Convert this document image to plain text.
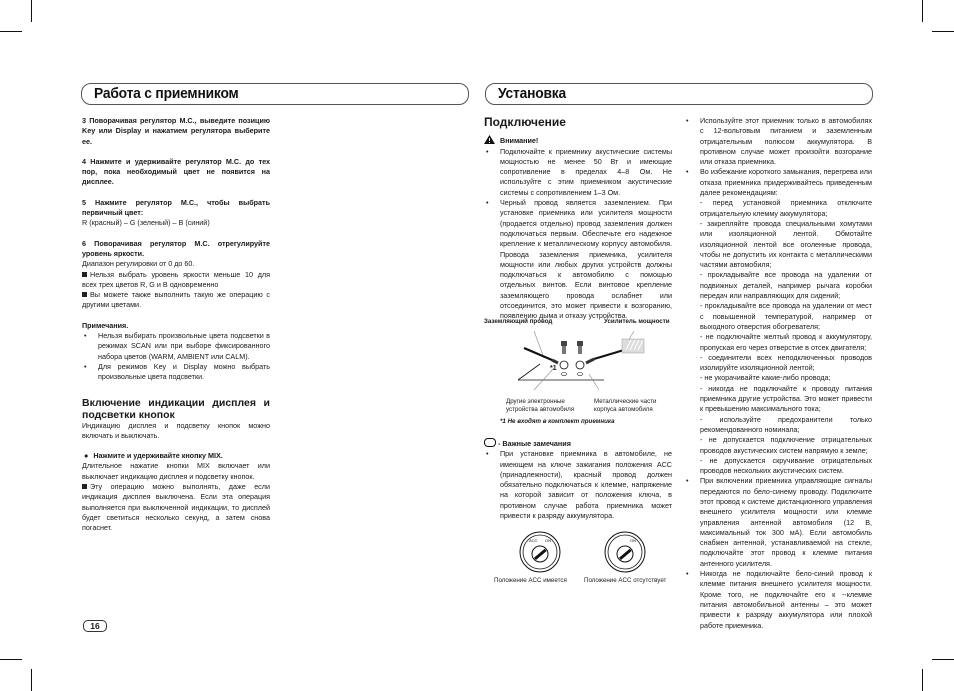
Работа с приемником

3 Поворачивая регулятор M.C., выведите позицию Key или Display и нажатием регулятора выберите ее.

4 Нажмите и удерживайте регулятор M.C. до тех пор, пока необходимый цвет не появится на дисплее.

5 Нажмите регулятор M.C., чтобы выбрать первичный цвет:

R (красный) – G (зеленый) – B (синий)

6 Поворачивая регулятор M.C. отрегулируйте уровень яркости.

Диапазон регулировки от 0 до 60.

Нельзя выбрать уровень яркости меньше 10 для всех трех цветов R, G и B одновременно

Вы можете также выполнить такую же операцию с другими цветами.

Примечания.

• Нельзя выбирать произвольные цвета подсветки в режимах SCAN или при выборе фиксированного набора цветов (WARM, AMBIENT или CALM).
• Для режимов Key и Display можно выбрать произвольные цвета подсветки.

Включение индикации дисплея и подсветки кнопок

Индикацию дисплея и подсветку кнопок можно включать и выключать.

● Нажмите и удерживайте кнопку MIX.

Длительное нажатие кнопки MIX включает или выключает индикацию дисплея и подсветку кнопок.

Эту операцию можно выполнять, даже если индикация дисплея выключена. Если эта операция выполняется при выключенной индикации, то дисплей будет светиться несколько секунд, а затем снова погаснет.

16
Установка

Подключение

Внимание!

• Подключайте к приемнику акустические системы мощностью не менее 50 Вт и имеющие сопротивление в пределах 4–8 Ом. Не используйте с этим приемником акустические системы с сопротивлением 1–3 Ом.
• Черный провод является заземлением. При установке приемника или усилителя мощности (продается отдельно) провод заземления должен подключаться первым. Обеспечьте его надежное крепление к металлическому корпусу автомобиля. Провода заземления приемника, усилителя мощности или любых других устройств должны подключаться к автомобилю с помощью отдельных винтов. Если винтовое крепление заземляющего провода ослабнет или отсоединится, это может привести к возгоранию, появлению дыма и отказу устройства.
Заземляющий провод	Усилитель мощности
*1
Другие электронные устройства автомобиля
Металлические части корпуса автомобиля
*1 Не входят в комплект приемника

- Важные замечания

• При установке приемника в автомобиле, не имеющем на ключе зажигания положения ACC (принадлежности), красный провод должен обязательно подключаться к клемме, напряжение на которой зависит от положения ключа, в противном случае работа приемника может привести к разряду аккумулятора.
ACC ON	ON
Положение ACC имеется	Положение ACC отсутствует
• Используйте этот приемник только в автомобилях с 12-вольтовым питанием и заземленным отрицательным полюсом аккумулятора. В противном случае может произойти возгорание или отказа приемника.
• Во избежание короткого замыкания, перегрева или отказа приемника придерживайтесь приведенным далее рекомендациям:
- перед установкой приемника отключите отрицательную клемму аккумулятора;
- закрепляйте провода специальными хомутами или изоляционной лентой. Обмотайте изоляционной лентой все оголенные провода, чтобы не допустить их контакта с металлическими частями автомобиля;
- прокладывайте все провода на удалении от подвижных деталей, например рычага коробки передач или направляющих для сидений;
- прокладывайте все провода на удалении от мест с повышенной температурой, например от выходного отверстия обогревателя;
- не подключайте желтый провод к аккумулятору, пропуская его через отверстие в отсек двигателя;
- соединители всех неподключенных проводов изолируйте изоляционной лентой;
- не укорачивайте какие-либо провода;
- никогда не подключайте к проводу питания приемника другие устройства. Это может привести к превышению максимального тока;
- используйте предохранители только рекомендованного номинала;
- не допускается подключение отрицательных проводов акустических систем напрямую к земле;
- не допускается скручивание отрицательных проводов нескольких акустических систем.
• При включении приемника управляющие сигналы передаются по бело-синему проводу. Подключите этот провод к системе дистанционного управления внешнего усилителя мощности или клемме управления антенной автомобиля (12 В, максимальный ток 300 мА). Если автомобиль снабжен антенной, устанавливаемой на стекле, подключайте этот провод к клемме питания антенного усилителя.
• Никогда не подключайте бело-синий провод к клемме питания внешнего усилителя мощности. Кроме того, не подключайте его к --клемме питания автомобильной антенны – это может привести к разряду аккумулятора или плохой работе приемника.
